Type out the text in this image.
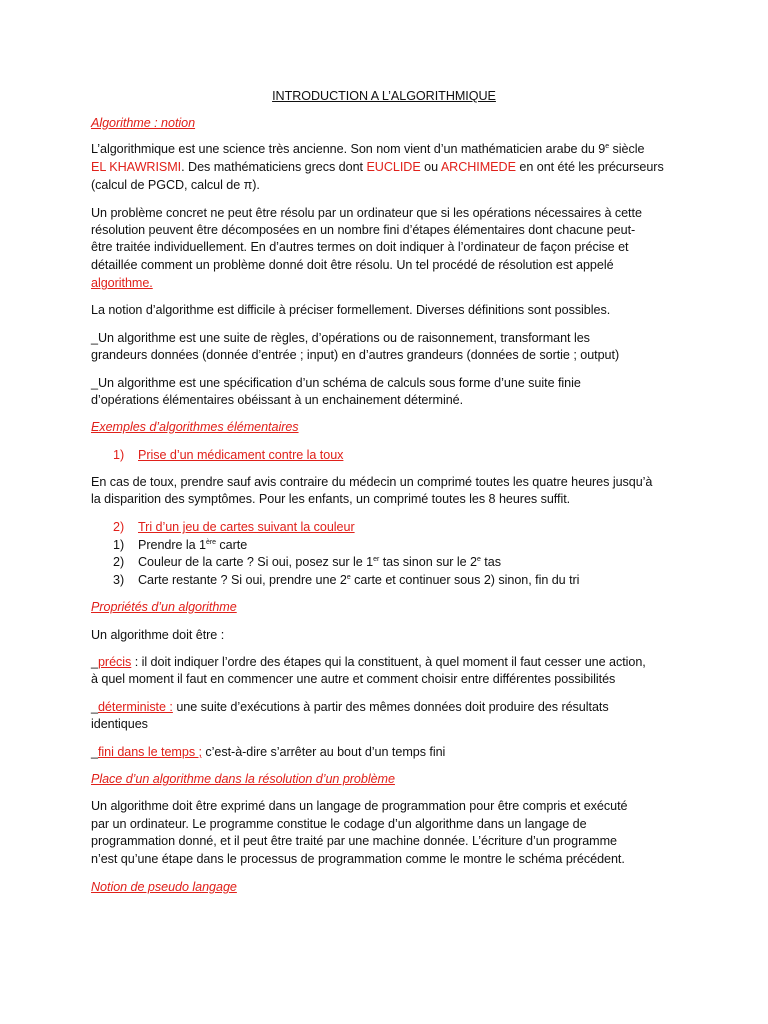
INTRODUCTION A L’ALGORITHMIQUE
Algorithme : notion
L’algorithmique est une science très ancienne. Son nom vient d’un mathématicien arabe du 9e siècle
EL KHAWRISMI. Des mathématiciens grecs dont EUCLIDE ou ARCHIMEDE en ont été les précurseurs
(calcul de PGCD, calcul de π).
Un problème concret ne peut être résolu par un ordinateur que si les opérations nécessaires à cette
résolution peuvent être décomposées en un nombre fini d’étapes élémentaires dont chacune peut-
être traitée individuellement. En d’autres termes on doit indiquer à l’ordinateur de façon précise et
détaillée comment un problème donné doit être résolu. Un tel procédé de résolution est appelé
algorithme.
La notion d’algorithme est difficile à préciser formellement. Diverses définitions sont possibles.
_Un algorithme est une suite de règles, d’opérations ou de raisonnement, transformant les
grandeurs données (donnée d’entrée ; input) en d’autres grandeurs (données de sortie ; output)
_Un algorithme est une spécification d’un schéma de calculs sous forme d’une suite finie
d’opérations élémentaires obéissant à un enchainement déterminé.
Exemples d’algorithmes élémentaires
1) Prise d’un médicament contre la toux
En cas de toux, prendre sauf avis contraire du médecin un comprimé toutes les quatre heures jusqu’à
la disparition des symptômes. Pour les enfants, un comprimé toutes les 8 heures suffit.
2) Tri d’un jeu de cartes suivant la couleur
1) Prendre la 1ère carte
2) Couleur de la carte ? Si oui, posez sur le 1er tas sinon sur le 2e tas
3) Carte restante ? Si oui, prendre une 2e carte et continuer sous 2) sinon, fin du tri
Propriétés d’un algorithme
Un algorithme doit être :
_précis : il doit indiquer l’ordre des étapes qui la constituent, à quel moment il faut cesser une action,
à quel moment il faut en commencer une autre et comment choisir entre différentes possibilités
_déterministe : une suite d’exécutions à partir des mêmes données doit produire des résultats
identiques
_fini dans le temps ; c’est-à-dire s’arrêter au bout d’un temps fini
Place d’un algorithme dans la résolution d’un problème
Un algorithme doit être exprimé dans un langage de programmation pour être compris et exécuté
par un ordinateur. Le programme constitue le codage d’un algorithme dans un langage de
programmation donné, et il peut être traité par une machine donnée. L’écriture d’un programme
n’est qu’une étape dans le processus de programmation comme le montre le schéma précédent.
Notion de pseudo langage
